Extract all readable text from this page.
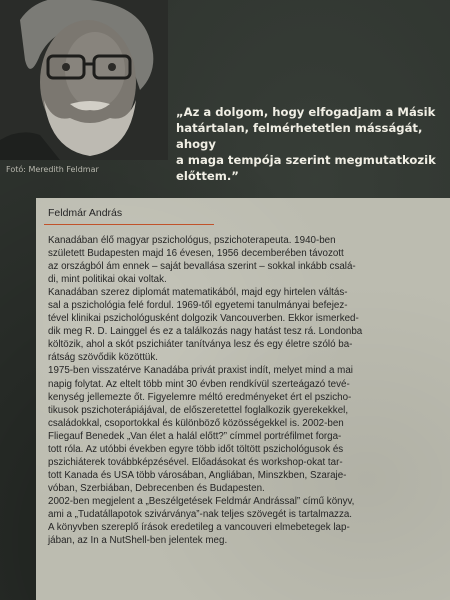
Fotó: Meredith Feldmar
„Az a dolgom, hogy elfogadjam a Másik
határtalan, felmérhetetlen másságát, ahogy
a maga tempója szerint megmutatkozik
előttem.”
Feldmár András
Kanadában élő magyar pszichológus, pszichoterapeuta. 1940-ben
született Budapesten majd 16 évesen, 1956 decemberében távozott
az országból ám ennek – saját bevallása szerint – sokkal inkább csalá-
di, mint politikai okai voltak.
Kanadában szerez diplomát matematikából, majd egy hirtelen váltás-
sal a pszichológia felé fordul. 1969-től egyetemi tanulmányai befejez-
tével klinikai pszichológusként dolgozik Vancouverben. Ekkor ismerked-
dik meg R. D. Lainggel és ez a találkozás nagy hatást tesz rá. Londonba
költözik, ahol a skót pszichiáter tanítványa lesz és egy életre szóló ba-
rátság szövődik közöttük.
1975-ben visszatérve Kanadába privát praxist indít, melyet mind a mai
napig folytat. Az eltelt több mint 30 évben rendkívül szerteágazó tevé-
kenység jellemezte őt. Figyelemre méltó eredményeket ért el pszicho-
tikusok pszichoterápiájával, de előszeretettel foglalkozik gyerekekkel,
családokkal, csoportokkal és különböző közösségekkel is. 2002-ben
Fliegauf Benedek „Van élet a halál előtt?” címmel portréfilmet forga-
tott róla. Az utóbbi években egyre több időt töltött pszichológusok és
pszichiáterek továbbképzésével. Előadásokat és workshop-okat tar-
tott Kanada és USA több városában, Angliában, Minszkben, Szaraje-
vóban, Szerbiában, Debrecenben és Budapesten.
2002-ben megjelent a „Beszélgetések Feldmár Andrással” című könyv,
ami a „Tudatállapotok szivárványa”-nak teljes szövegét is tartalmazza.
A könyvben szereplő írások eredetileg a vancouveri elmebetegek lap-
jában, az In a NutShell-ben jelentek meg.
